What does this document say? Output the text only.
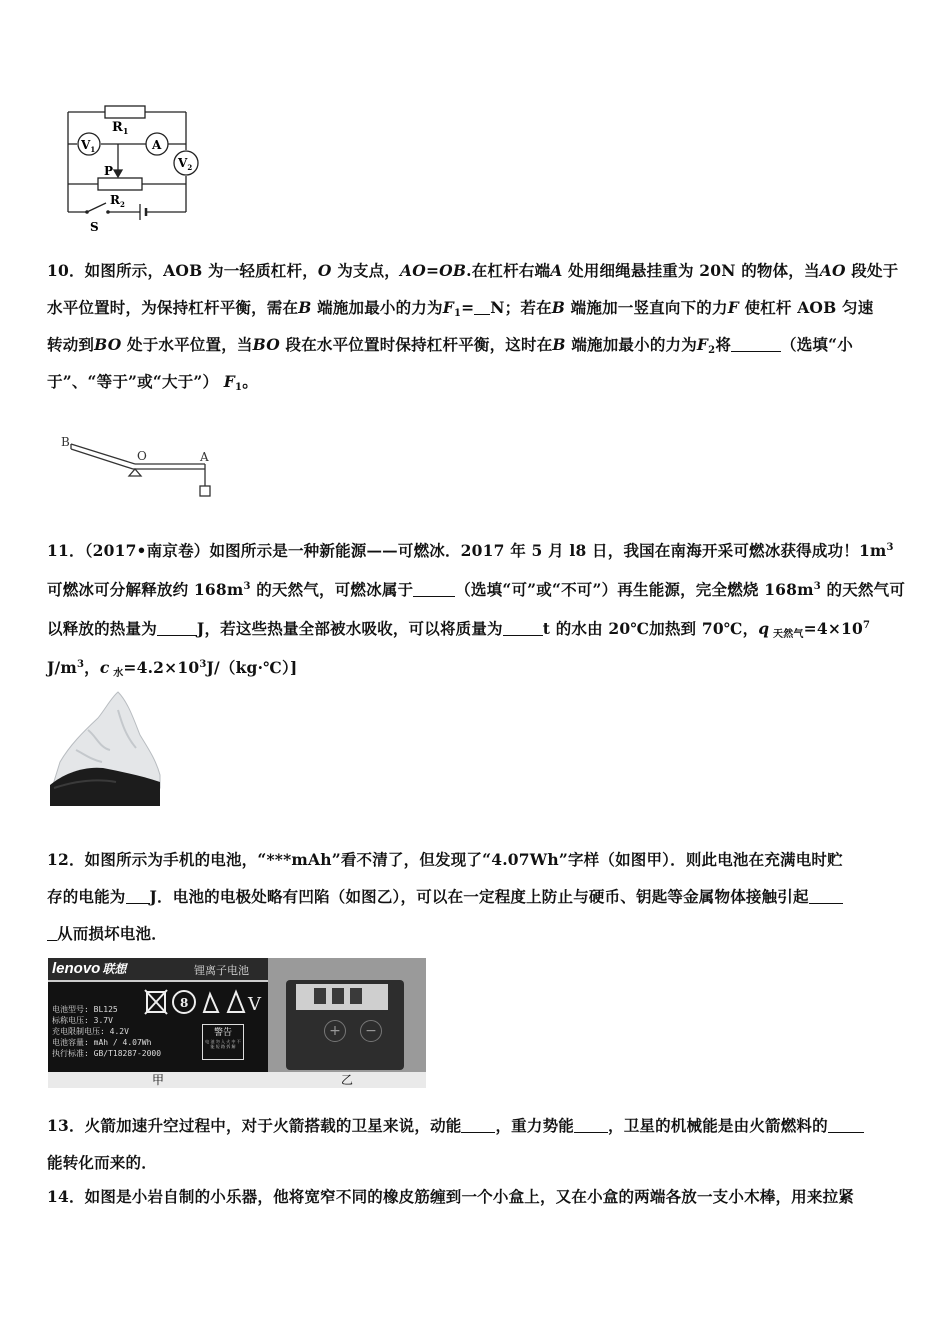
$R_1$
$V_1$	A
$V_2$
P
$R_2$
S
10．如图所示，AOB 为一轻质杠杆，O 为支点，AO=OB.在杠杆右端A 处用细绳悬挂重为 20N 的物体，当AO 段处于
水平位置时，为保持杠杆平衡，需在B 端施加最小的力为$F_1= N$；若在B 端施加一竖直向下的力F 使杠杆 AOB 匀速
转动到BO 处于水平位置，当BO 段在水平位置时保持杠杆平衡，这时在B 端施加最小的力为$F_2$将	（选填“小
于”、“等于”或“大于”） $F_1$。
B
O	A
11．（2017•南京卷）如图所示是一种新能源——可燃冰．2017 年 5 月 l8 日，我国在南海开采可燃冰获得成功！$1m^3$
可燃冰可分解释放约 $168m^3$ 的天然气，可燃冰属于	（选填“可”或“不可”）再生能源，完全燃烧 $168m^3$ 的天然气可
以释放的热量为	J，若这些热量全部被水吸收，可以将质量为	t 的水由 20℃加热到 70℃，q $_{天然气}=4\times 10^7$
$J/m^3$，c $_水=4.2\times 10^3J/(kg\cdot℃)$]
12．如图所示为手机的电池，“***mAh”看不清了，但发现了“4.07Wh”字样（如图甲）．则此电池在充满电时贮
存的电能为 J．电池的电极处略有凹陷（如图乙），可以在一定程度上防止与硬币、钥匙等金属物体接触引起
从而损坏电池．
lenovo 联想	锂离子电池
电池型号: BL125
标称电压: 3.7V
充电限制电压: 4.2V
电池容量: mAh / 4.07Wh
执行标准: GB/T18287-2000
8	V
警告
电 池 勿 入 火 中 不 能 短 路 拆 解
甲
+	−
乙
13．火箭加速升空过程中，对于火箭搭载的卫星来说，动能 ，重力势能 ，卫星的机械能是由火箭燃料的
能转化而来的．
14．如图是小岩自制的小乐器，他将宽窄不同的橡皮筋缠到一个小盒上，又在小盒的两端各放一支小木棒，用来拉紧
